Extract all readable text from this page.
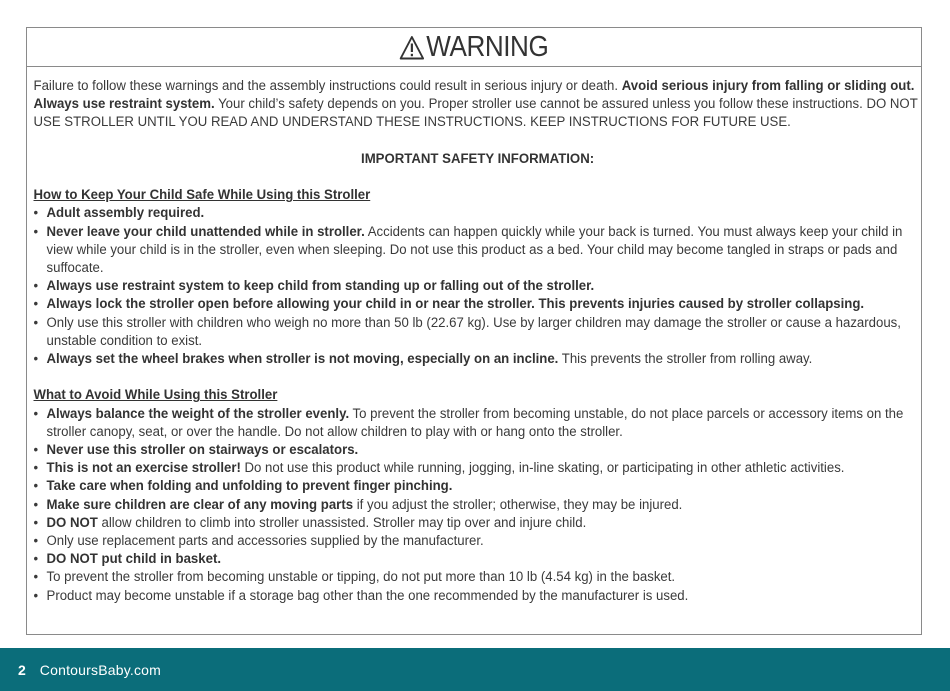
WARNING

Failure to follow these warnings and the assembly instructions could result in serious injury or death. Avoid serious injury from falling or sliding out. Always use restraint system. Your child’s safety depends on you. Proper stroller use cannot be assured unless you follow these instructions. DO NOT USE STROLLER UNTIL YOU READ AND UNDERSTAND THESE INSTRUCTIONS. KEEP INSTRUCTIONS FOR FUTURE USE.

IMPORTANT SAFETY INFORMATION:

How to Keep Your Child Safe While Using this Stroller

• Adult assembly required.
• Never leave your child unattended while in stroller. Accidents can happen quickly while your back is turned. You must always keep your child in view while your child is in the stroller, even when sleeping. Do not use this product as a bed. Your child may become tangled in straps or pads and suffocate.
• Always use restraint system to keep child from standing up or falling out of the stroller.
• Always lock the stroller open before allowing your child in or near the stroller. This prevents injuries caused by stroller collapsing.
• Only use this stroller with children who weigh no more than 50 lb (22.67 kg). Use by larger children may damage the stroller or cause a hazardous, unstable condition to exist.
• Always set the wheel brakes when stroller is not moving, especially on an incline. This prevents the stroller from rolling away.

What to Avoid While Using this Stroller

• Always balance the weight of the stroller evenly. To prevent the stroller from becoming unstable, do not place parcels or accessory items on the stroller canopy, seat, or over the handle. Do not allow children to play with or hang onto the stroller.
• Never use this stroller on stairways or escalators.
• This is not an exercise stroller! Do not use this product while running, jogging, in-line skating, or participating in other athletic activities.
• Take care when folding and unfolding to prevent finger pinching.
• Make sure children are clear of any moving parts if you adjust the stroller; otherwise, they may be injured.
• DO NOT allow children to climb into stroller unassisted. Stroller may tip over and injure child.
• Only use replacement parts and accessories supplied by the manufacturer.
• DO NOT put child in basket.
• To prevent the stroller from becoming unstable or tipping, do not put more than 10 lb (4.54 kg) in the basket.
• Product may become unstable if a storage bag other than the one recommended by the manufacturer is used.
2 ContoursBaby.com
